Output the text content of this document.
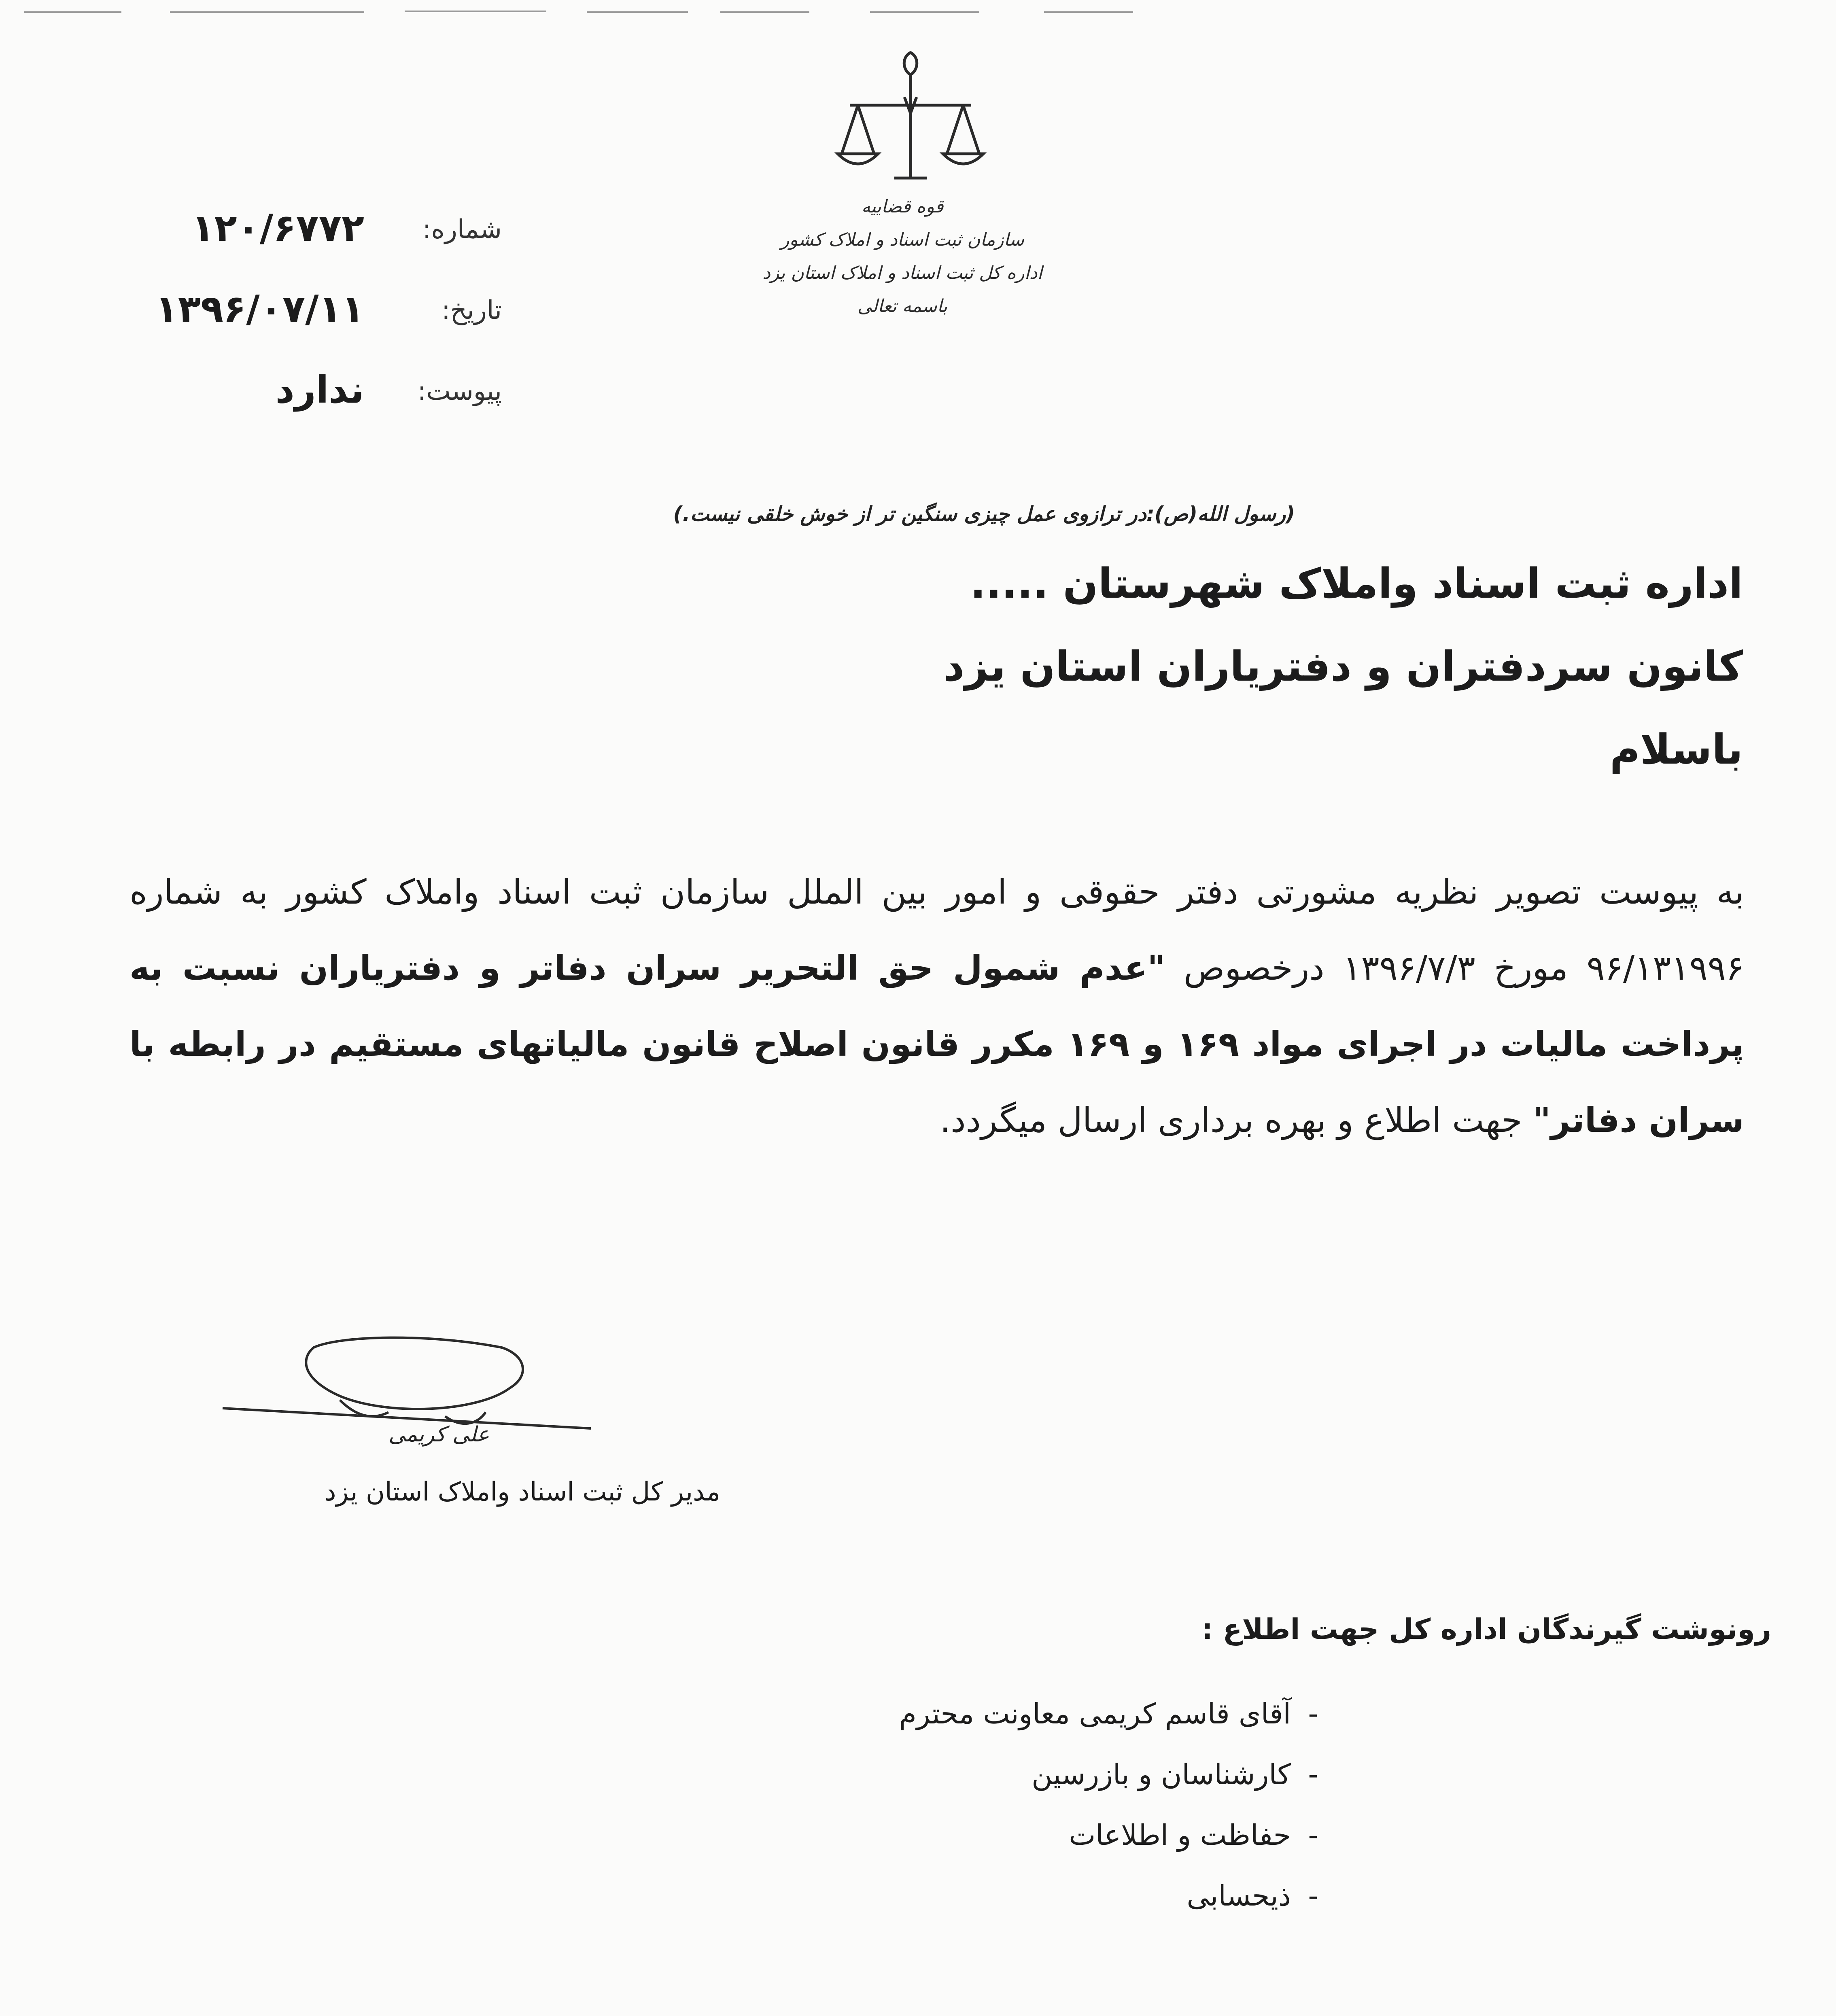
قوه قضاییه
سازمان ثبت اسناد و املاک کشور
اداره کل ثبت اسناد و املاک استان یزد
باسمه تعالی
شماره:
۱۲۰/۶۷۷۲
تاریخ:
۱۳۹۶/۰۷/۱۱
پیوست:
ندارد
(رسول الله(ص):در ترازوی عمل چیزی سنگین تر از خوش خلقی نیست.)
اداره ثبت اسناد واملاک شهرستان .....
کانون سردفتران و دفتریاران استان یزد
باسلام
به پیوست تصویر نظریه مشورتی دفتر حقوقی و امور بین الملل سازمان ثبت اسناد واملاک کشور به شماره ۹۶/۱۳۱۹۹۶ مورخ ۱۳۹۶/۷/۳ درخصوص "عدم شمول حق التحریر سران دفاتر و دفتریاران نسبت به پرداخت مالیات در اجرای مواد ۱۶۹ و ۱۶۹ مکرر قانون اصلاح قانون مالیاتهای مستقیم در رابطه با سران دفاتر" جهت اطلاع و بهره برداری ارسال میگردد.
علی کریمی
مدیر کل ثبت اسناد واملاک استان یزد
رونوشت گیرندگان اداره کل جهت اطلاع :
-
آقای قاسم کریمی معاونت محترم
-
کارشناسان و بازرسین
-
حفاظت و اطلاعات
-
ذیحسابی
